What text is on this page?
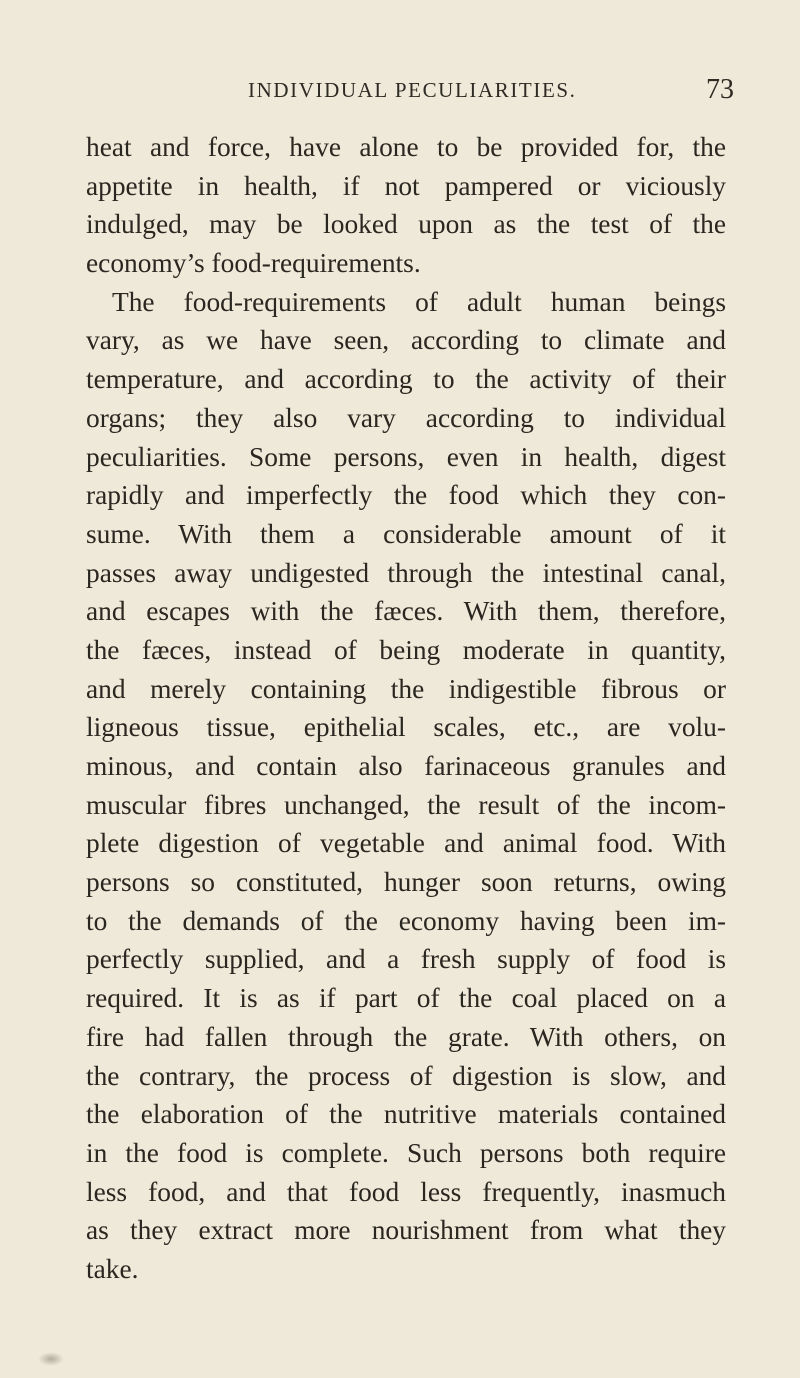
INDIVIDUAL PECULIARITIES.	73
heat and force, have alone to be provided for, the
appetite in health, if not pampered or viciously
indulged, may be looked upon as the test of the
economy’s food-requirements.
The food-requirements of adult human beings
vary, as we have seen, according to climate and
temperature, and according to the activity of their
organs; they also vary according to individual
peculiarities. Some persons, even in health, digest
rapidly and imperfectly the food which they con-
sume. With them a considerable amount of it
passes away undigested through the intestinal canal,
and escapes with the fæces. With them, therefore,
the fæces, instead of being moderate in quantity,
and merely containing the indigestible fibrous or
ligneous tissue, epithelial scales, etc., are volu-
minous, and contain also farinaceous granules and
muscular fibres unchanged, the result of the incom-
plete digestion of vegetable and animal food. With
persons so constituted, hunger soon returns, owing
to the demands of the economy having been im-
perfectly supplied, and a fresh supply of food is
required. It is as if part of the coal placed on a
fire had fallen through the grate. With others, on
the contrary, the process of digestion is slow, and
the elaboration of the nutritive materials contained
in the food is complete. Such persons both require
less food, and that food less frequently, inasmuch
as they extract more nourishment from what they
take.
